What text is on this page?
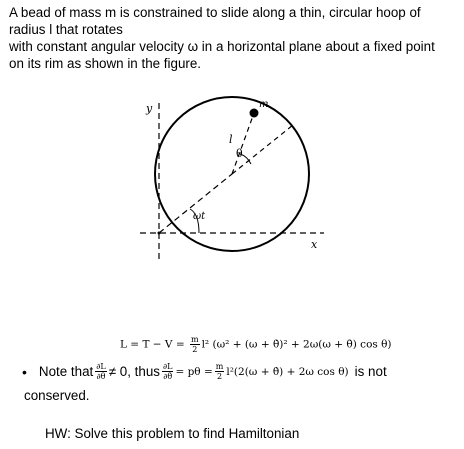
A bead of mass m is constrained to slide along a thin, circular hoop of
radius l that rotates
with constant angular velocity ω in a horizontal plane about a fixed point
on its rim as shown in the figure.
y
x
m
l
θ
ωt
$L = T - V = \frac{m}{2} l^2$ (ω² + (ω + θ̇)² + 2ω(ω + θ̇) cos θ)
• Note that $\frac{\partial L}{\partial\theta} \ne 0$, thus $\frac{\partial L}{\partial\thetȧ} = p\theta = \frac{m}{2} l^2(2(\omega$ + θ̇) + 2ω cos θ) is not
conserved.
HW: Solve this problem to find Hamiltonian
